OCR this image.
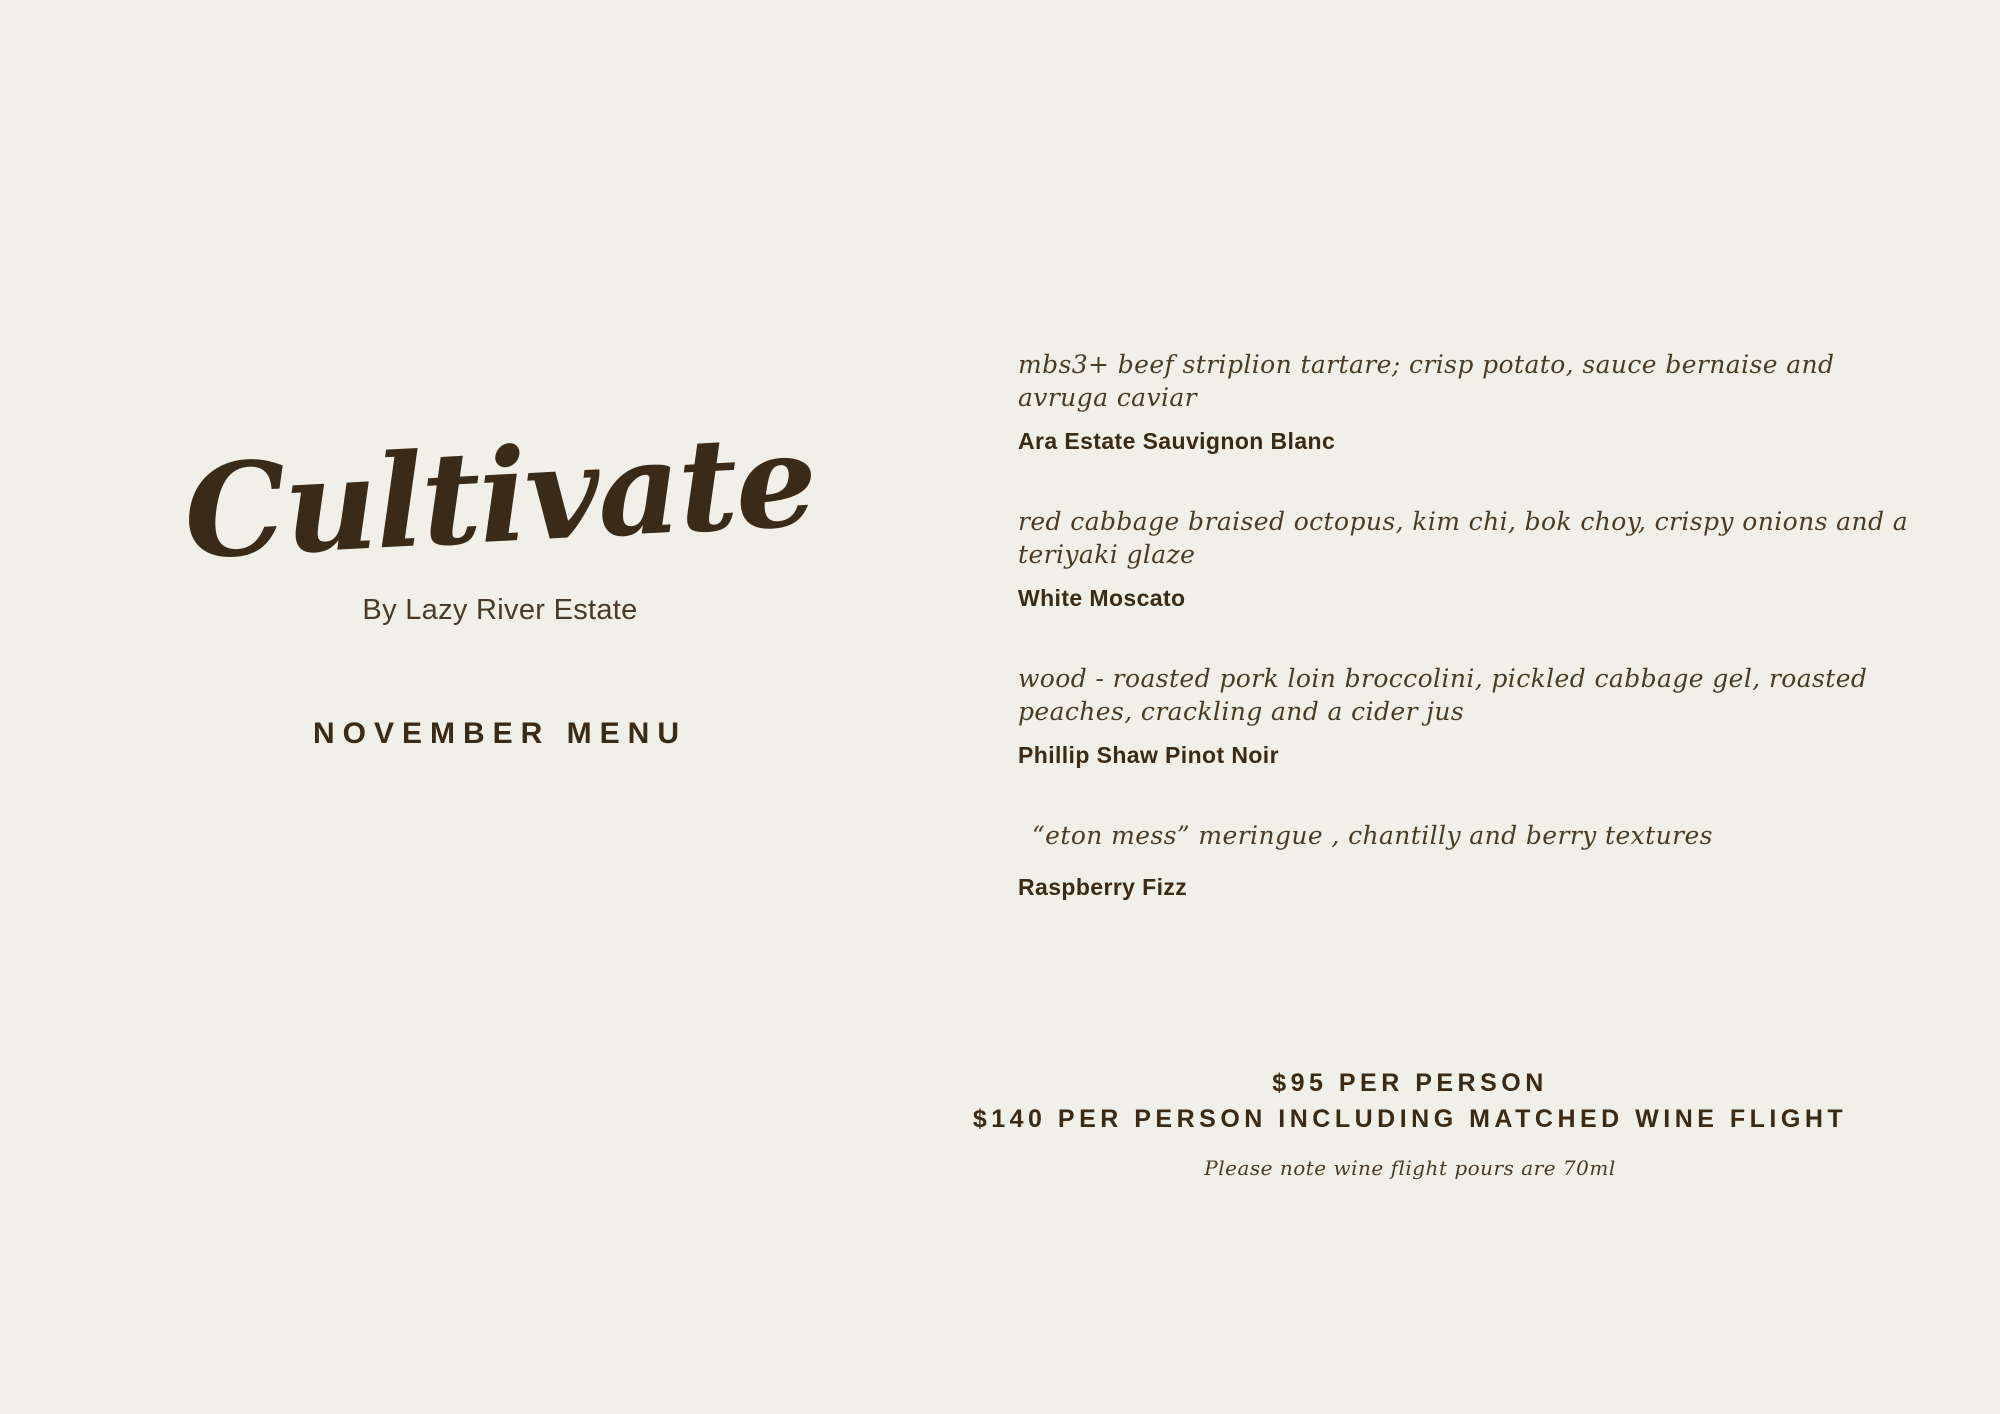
Cultivate
By Lazy River Estate
NOVEMBER MENU

mbs3+ beef striplion tartare; crisp potato, sauce bernaise and avruga caviar

Ara Estate Sauvignon Blanc

red cabbage braised octopus, kim chi, bok choy, crispy onions and a teriyaki glaze

White Moscato

wood - roasted pork loin broccolini, pickled cabbage gel, roasted peaches, crackling and a cider jus

Phillip Shaw Pinot Noir

“eton mess” meringue , chantilly and berry textures

Raspberry Fizz

$95 PER PERSON
$140 PER PERSON INCLUDING MATCHED WINE FLIGHT
Please note wine flight pours are 70ml
